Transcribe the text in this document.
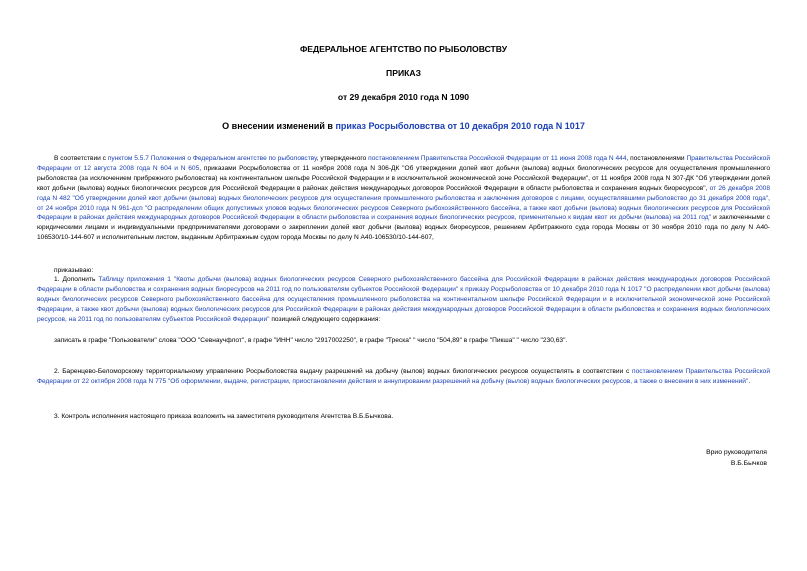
ФЕДЕРАЛЬНОЕ АГЕНТСТВО ПО РЫБОЛОВСТВУ
ПРИКАЗ
от 29 декабря 2010 года N 1090
О внесении изменений в приказ Росрыболовства от 10 декабря 2010 года N 1017
В соответствии с пунктом 5.5.7 Положения о Федеральном агентстве по рыболовству, утвержденного постановлением Правительства Российской Федерации от 11 июня 2008 года N 444, постановлениями Правительства Российской Федерации от 12 августа 2008 года N 604 и N 605, приказами Росрыболовства от 11 ноября 2008 года N 306-ДК "Об утверждении долей квот добычи (вылова) водных биологических ресурсов для осуществления промышленного рыболовства (за исключением прибрежного рыболовства) на континентальном шельфе Российской Федерации и в исключительной экономической зоне Российской Федерации", от 11 ноября 2008 года N 307-ДК "Об утверждении долей квот добычи (вылова) водных биологических ресурсов для Российской Федерации в районах действия международных договоров Российской Федерации в области рыболовства и сохранения водных биоресурсов", от 26 декабря 2008 года N 482 "Об утверждении долей квот добычи (вылова) водных биологических ресурсов для осуществления промышленного рыболовства и заключения договоров с лицами, осуществлявшими рыболовство до 31 декабря 2008 года", от 24 ноября 2010 года N 961-дсп "О распределении общих допустимых уловов водных биологических ресурсов Северного рыбохозяйственного бассейна, а также квот добычи (вылова) водных биологических ресурсов для Российской Федерации в районах действия международных договоров Российской Федерации в области рыболовства и сохранения водных биологических ресурсов, применительно к видам квот их добычи (вылова) на 2011 год" и заключенными с юридическими лицами и индивидуальными предпринимателями договорами о закреплении долей квот добычи (вылова) водных биоресурсов, решением Арбитражного суда города Москвы от 30 ноября 2010 года по делу N А40-106530/10-144-607 и исполнительным листом, выданным Арбитражным судом города Москвы по делу N А40-106530/10-144-607,
приказываю:
1. Дополнить Таблицу приложения 1 "Квоты добычи (вылова) водных биологических ресурсов Северного рыбохозяйственного бассейна для Российской Федерации в районах действия международных договоров Российской Федерации в области рыболовства и сохранения водных биоресурсов на 2011 год по пользователям субъектов Российской Федерации" к приказу Росрыболовства от 10 декабря 2010 года N 1017 "О распределении квот добычи (вылова) водных биологических ресурсов Северного рыбохозяйственного бассейна для осуществления промышленного рыболовства на континентальном шельфе Российской Федерации и в исключительной экономической зоне Российской Федерации, а также квот добычи (вылова) водных биологических ресурсов для Российской Федерации в районах действия международных договоров Российской Федерации в области рыболовства и сохранения водных биологических ресурсов, на 2011 год по пользователям субъектов Российской Федерации" позицией следующего содержания:
записать в графе "Пользователи" слова "ООО "Севнаучфлот", в графе "ИНН" число "2917002250", в графе "Треска" " число "504,89" в графе "Пикша" " число "230,63".
2. Баренцево-Беломорскому территориальному управлению Росрыболовства выдачу разрешений на добычу (вылов) водных биологических ресурсов осуществлять в соответствии с постановлением Правительства Российской Федерации от 22 октября 2008 года N 775 "Об оформлении, выдаче, регистрации, приостановлении действия и аннулировании разрешений на добычу (вылов) водных биологических ресурсов, а также о внесении в них изменений".
3. Контроль исполнения настоящего приказа возложить на заместителя руководителя Агентства В.Б.Бычкова.
Врио руководителя
В.Б.Бычков
